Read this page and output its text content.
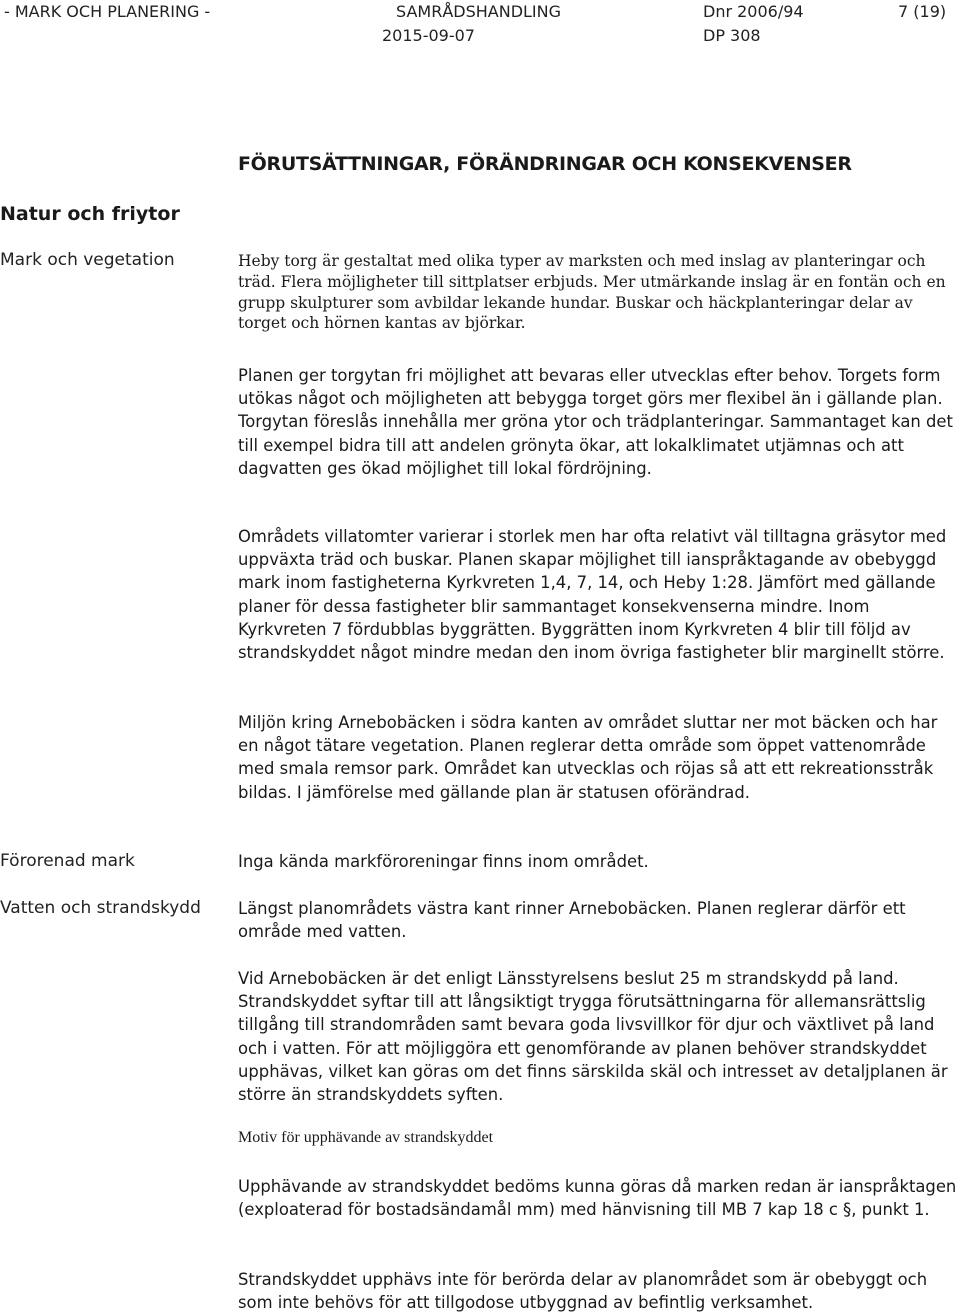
- MARK OCH PLANERING -	SAMRÅDSHANDLING
2015-09-07
Dnr 2006/94
DP 308
7 (19)
FÖRUTSÄTTNINGAR, FÖRÄNDRINGAR OCH KONSEKVENSER
Natur och friytor
Mark och vegetation
Förorenad mark
Vatten och strandskydd

Heby torg är gestaltat med olika typer av marksten och med inslag av planteringar och träd. Flera möjligheter till sittplatser erbjuds. Mer utmärkande inslag är en fontän och en grupp skulpturer som avbildar lekande hundar. Buskar och häckplanteringar delar av torget och hörnen kantas av björkar.

Planen ger torgytan fri möjlighet att bevaras eller utvecklas efter behov. Torgets form utökas något och möjligheten att bebygga torget görs mer flexibel än i gällande plan. Torgytan föreslås innehålla mer gröna ytor och trädplanteringar. Sammantaget kan det till exempel bidra till att andelen grönyta ökar, att lokalklimatet utjämnas och att dagvatten ges ökad möjlighet till lokal fördröjning.

Områdets villatomter varierar i storlek men har ofta relativt väl tilltagna gräsytor med uppväxta träd och buskar. Planen skapar möjlighet till ianspråktagande av obebyggd mark inom fastigheterna Kyrkvreten 1,4, 7, 14, och Heby 1:28. Jämfört med gällande planer för dessa fastigheter blir sammantaget konsekvenserna mindre. Inom Kyrkvreten 7 fördubblas byggrätten. Byggrätten inom Kyrkvreten 4 blir till följd av strandskyddet något mindre medan den inom övriga fastigheter blir marginellt större.

Miljön kring Arnebobäcken i södra kanten av området sluttar ner mot bäcken och har en något tätare vegetation. Planen reglerar detta område som öppet vattenområde med smala remsor park. Området kan utvecklas och röjas så att ett rekreationsstråk bildas. I jämförelse med gällande plan är statusen oförändrad.

Inga kända markföroreningar finns inom området.

Längst planområdets västra kant rinner Arnebobäcken. Planen reglerar därför ett område med vatten.

Vid Arnebobäcken är det enligt Länsstyrelsens beslut 25 m strandskydd på land. Strandskyddet syftar till att långsiktigt trygga förutsättningarna för allemansrättslig tillgång till strandområden samt bevara goda livsvillkor för djur och växtlivet på land och i vatten. För att möjliggöra ett genomförande av planen behöver strandskyddet upphävas, vilket kan göras om det finns särskilda skäl och intresset av detaljplanen är större än strandskyddets syften.

Motiv för upphävande av strandskyddet

Upphävande av strandskyddet bedöms kunna göras då marken redan är ianspråktagen (exploaterad för bostadsändamål mm) med hänvisning till MB 7 kap 18 c §, punkt 1.

Strandskyddet upphävs inte för berörda delar av planområdet som är obebyggt och som inte behövs för att tillgodose utbyggnad av befintlig verksamhet.
